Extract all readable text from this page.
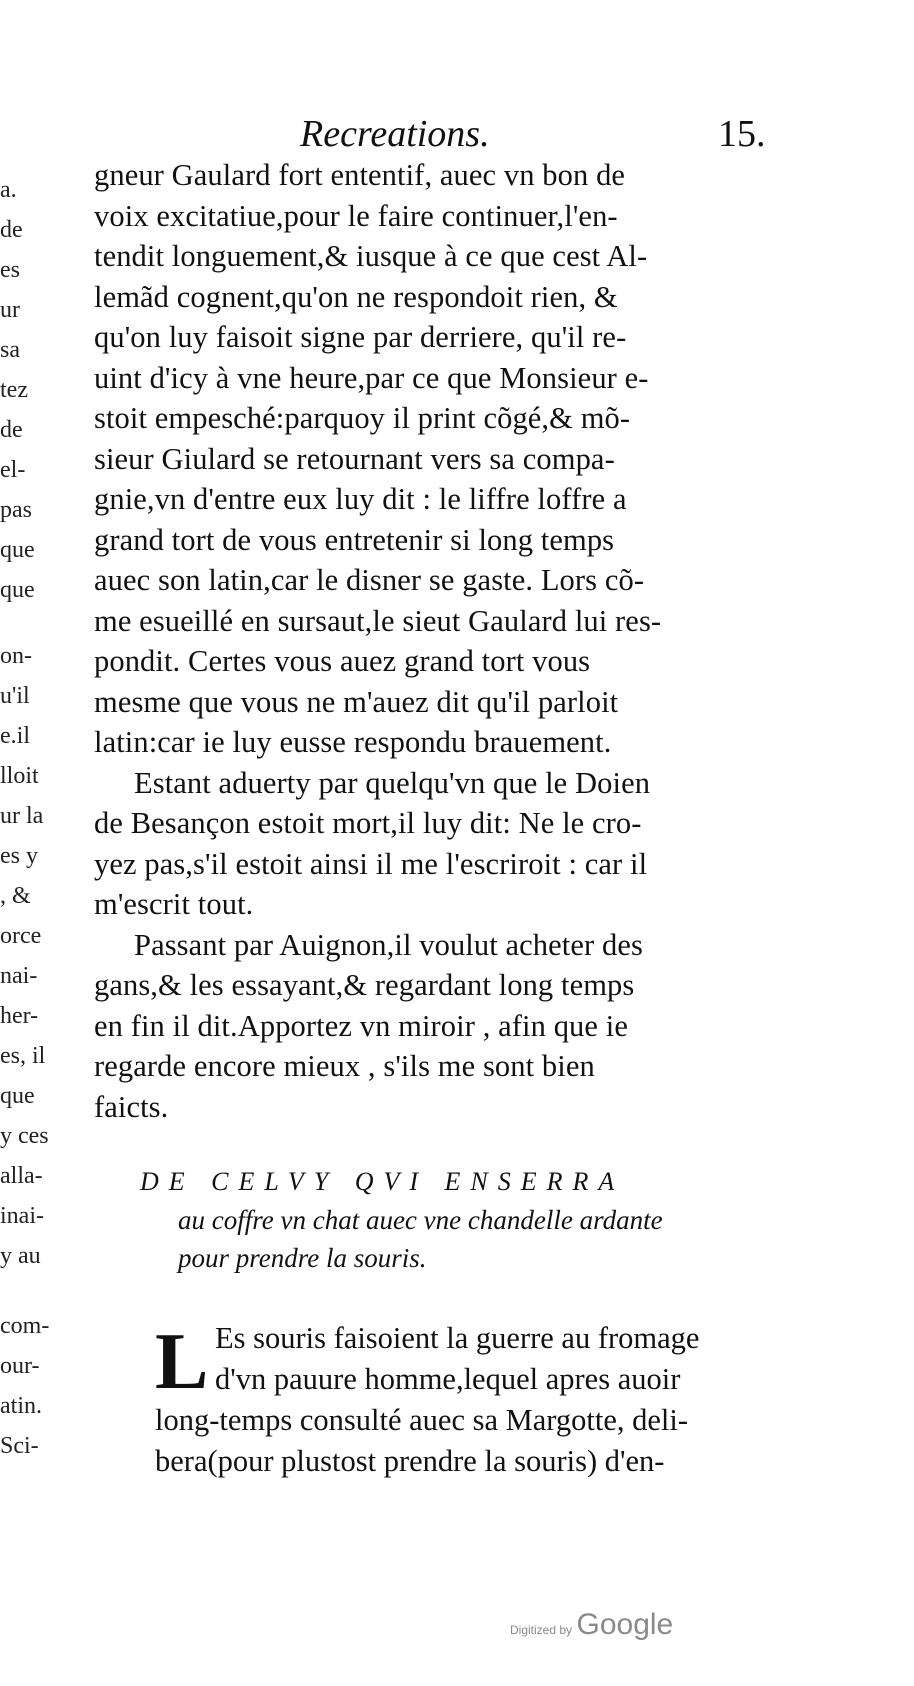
a.
de
es
ur
sa
tez
de
el-
pas
que
que
on-
u'il
e.il
lloit
ur la
es y
, &
orce
nai-
her-
es, il
que
y ces
alla-
inai-
y au
com-
our-
atin.
Sci-
Recreations.	15.
gneur Gaulard fort ententif, auec vn bon de
voix excitatiue,pour le faire continuer,l'en-
tendit longuement,& iusque à ce que cest Al-
lemãd cognent,qu'on ne respondoit rien, &
qu'on luy faisoit signe par derriere, qu'il re-
uint d'icy à vne heure,par ce que Monsieur e-
stoit empesché:parquoy il print cõgé,& mõ-
sieur Giulard se retournant vers sa compa-
gnie,vn d'entre eux luy dit : le liffre loffre a
grand tort de vous entretenir si long temps
auec son latin,car le disner se gaste. Lors cõ-
me esueillé en sursaut,le sieut Gaulard lui res-
pondit. Certes vous auez grand tort vous
mesme que vous ne m'auez dit qu'il parloit
latin:car ie luy eusse respondu brauement.
Estant aduerty par quelqu'vn que le Doien
de Besançon estoit mort,il luy dit: Ne le cro-
yez pas,s'il estoit ainsi il me l'escriroit : car il
m'escrit tout.
Passant par Auignon,il voulut acheter des
gans,& les essayant,& regardant long temps
en fin il dit.Apportez vn miroir , afin que ie
regarde encore mieux , s'ils me sont bien
faicts.
DE CELVY QVI ENSERRA
au coffre vn chat auec vne chandelle ardante
pour prendre la souris.
L Es souris faisoient la guerre au fromage
d'vn pauure homme,lequel apres auoir
long-temps consulté auec sa Margotte, deli-
bera(pour plustost prendre la souris) d'en-
Digitized by Google
